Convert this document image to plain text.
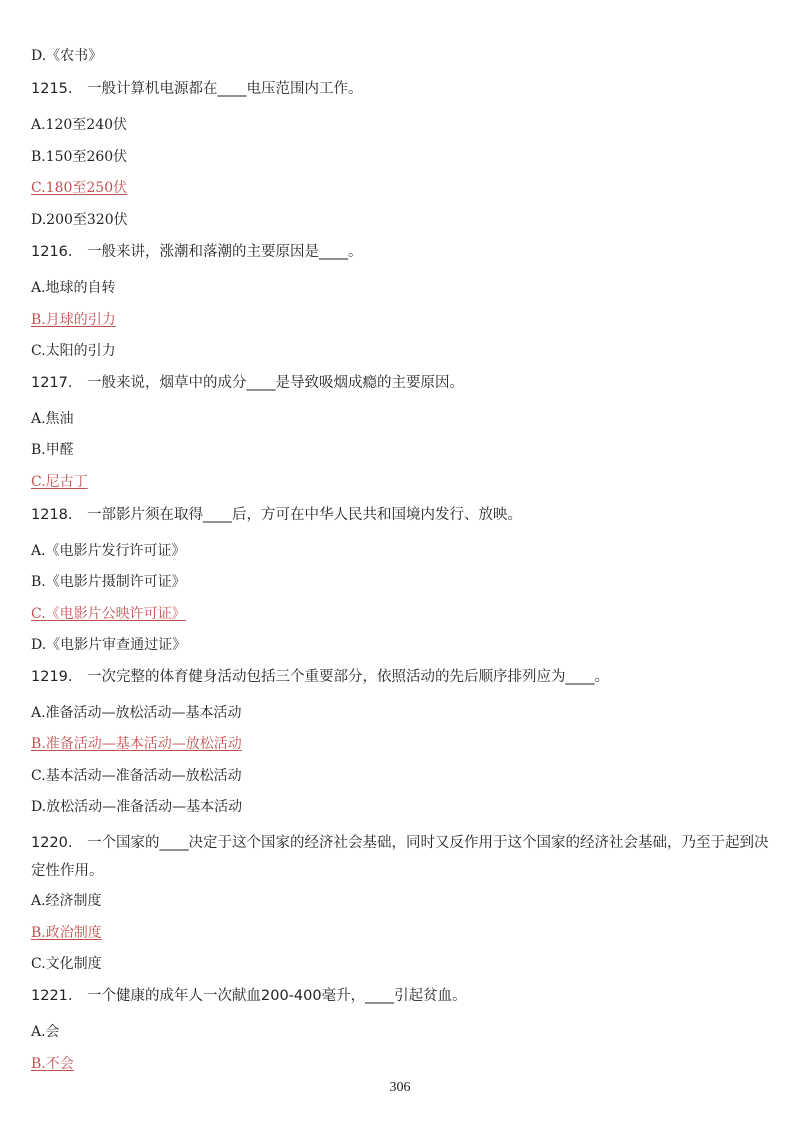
D.《农书》
1215. 一般计算机电源都在____电压范围内工作。
A.120至240伏
B.150至260伏
C.180至250伏
D.200至320伏
1216. 一般来讲，涨潮和落潮的主要原因是____。
A.地球的自转
B.月球的引力
C.太阳的引力
1217. 一般来说，烟草中的成分____是导致吸烟成瘾的主要原因。
A.焦油
B.甲醛
C.尼古丁
1218. 一部影片须在取得____后，方可在中华人民共和国境内发行、放映。
A.《电影片发行许可证》
B.《电影片摄制许可证》
C.《电影片公映许可证》
D.《电影片审查通过证》
1219. 一次完整的体育健身活动包括三个重要部分，依照活动的先后顺序排列应为____。
A.准备活动—放松活动—基本活动
B.准备活动—基本活动—放松活动
C.基本活动—准备活动—放松活动
D.放松活动—准备活动—基本活动
1220. 一个国家的____决定于这个国家的经济社会基础，同时又反作用于这个国家的经济社会基础，乃至于起到决定性作用。
A.经济制度
B.政治制度
C.文化制度
1221. 一个健康的成年人一次献血200-400毫升，____引起贫血。
A.会
B.不会
306
